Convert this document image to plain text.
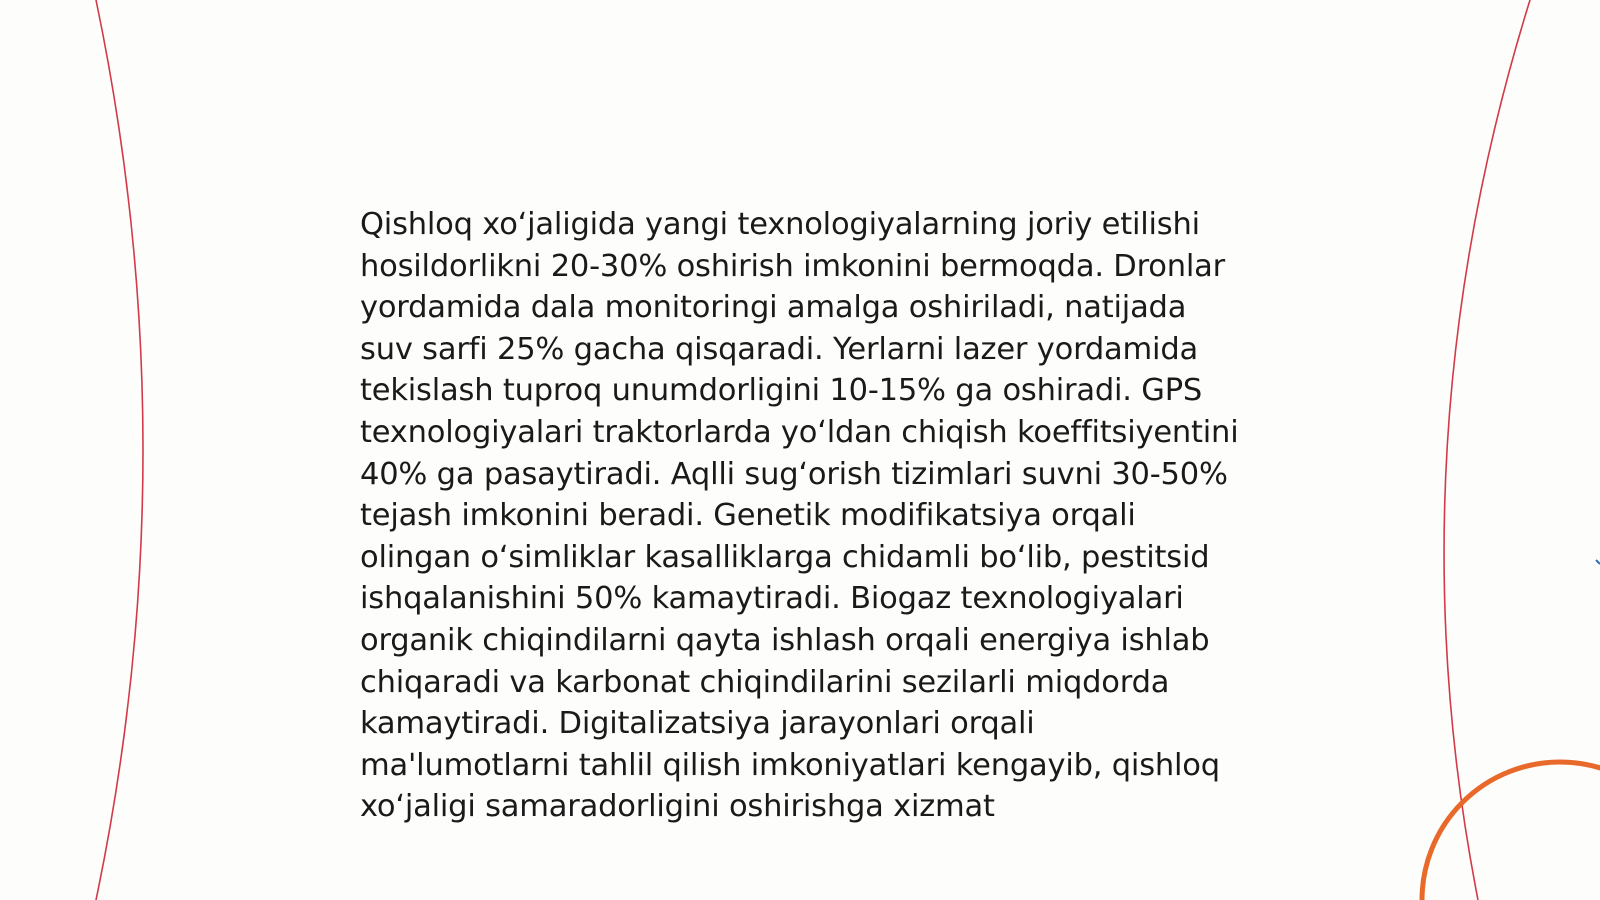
Qishloq xo‘jaligida yangi texnologiyalarning joriy etilishi hosildorlikni 20-30% oshirish imkonini bermoqda. Dronlar yordamida dala monitoringi amalga oshiriladi, natijada suv sarfi 25% gacha qisqaradi. Yerlarni lazer yordamida tekislash tuproq unumdorligini 10-15% ga oshiradi. GPS texnologiyalari traktorlarda yo‘ldan chiqish koeffitsiyentini 40% ga pasaytiradi. Aqlli sug‘orish tizimlari suvni 30-50% tejash imkonini beradi. Genetik modifikatsiya orqali olingan o‘simliklar kasalliklarga chidamli bo‘lib, pestitsid ishqalanishini 50% kamaytiradi. Biogaz texnologiyalari organik chiqindilarni qayta ishlash orqali energiya ishlab chiqaradi va karbonat chiqindilarini sezilarli miqdorda kamaytiradi. Digitalizatsiya jarayonlari orqali ma'lumotlarni tahlil qilish imkoniyatlari kengayib, qishloq xo‘jaligi samaradorligini oshirishga xizmat
